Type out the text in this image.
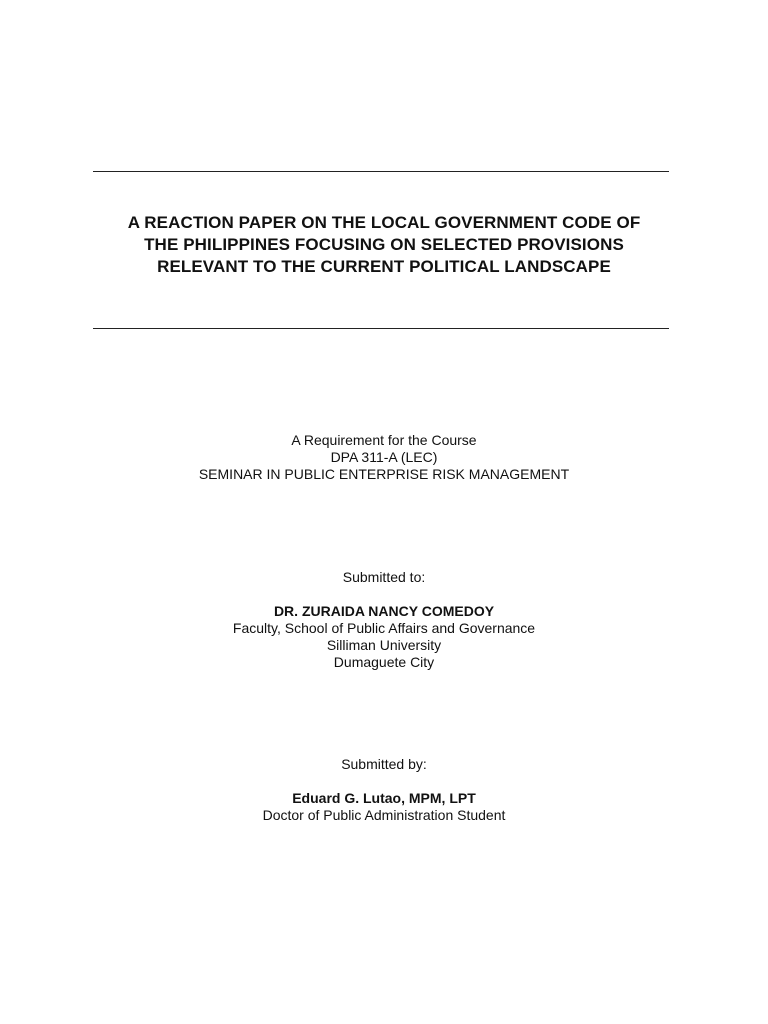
A REACTION PAPER ON THE LOCAL GOVERNMENT CODE OF
THE PHILIPPINES FOCUSING ON SELECTED PROVISIONS
RELEVANT TO THE CURRENT POLITICAL LANDSCAPE
A Requirement for the Course
DPA 311-A (LEC)
SEMINAR IN PUBLIC ENTERPRISE RISK MANAGEMENT
Submitted to:
DR. ZURAIDA NANCY COMEDOY
Faculty, School of Public Affairs and Governance
Silliman University
Dumaguete City
Submitted by:
Eduard G. Lutao, MPM, LPT
Doctor of Public Administration Student
